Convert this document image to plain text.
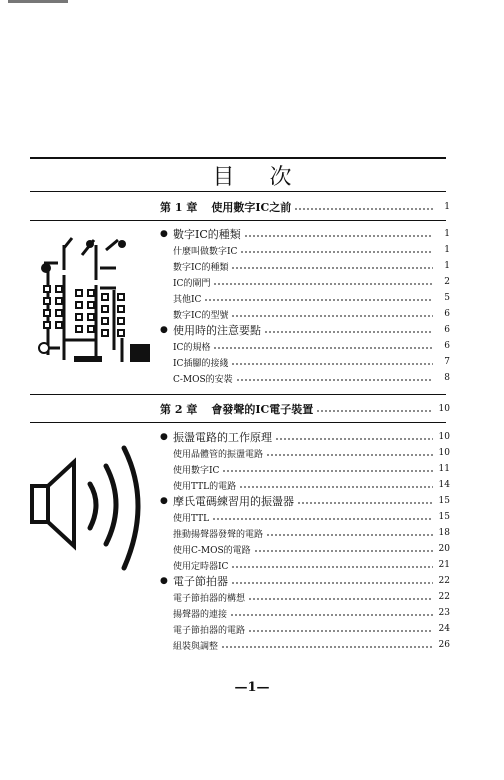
目 次
第 1 章 使用數字IC之前	1
● 數字IC的種類	1
什麼叫做數字IC	1
數字IC的種類	1
IC的閘門	2
其他IC	5
數字IC的型號	6
● 使用時的注意要點	6
IC的規格	6
IC插腳的接綫	7
C-MOS的安裝	8
第 2 章 會發聲的IC電子裝置	10
● 振盪電路的工作原理	10
使用晶體管的振盪電路	10
使用數字IC	11
使用TTL的電路	14
● 摩氏電碼練習用的振盪器	15
使用TTL	15
推動揚聲器發聲的電路	18
使用C-MOS的電路	20
使用定時器IC	21
● 電子節拍器	22
電子節拍器的構想	22
揚聲器的連接	23
電子節拍器的電路	24
組裝與調整	26
—1—
